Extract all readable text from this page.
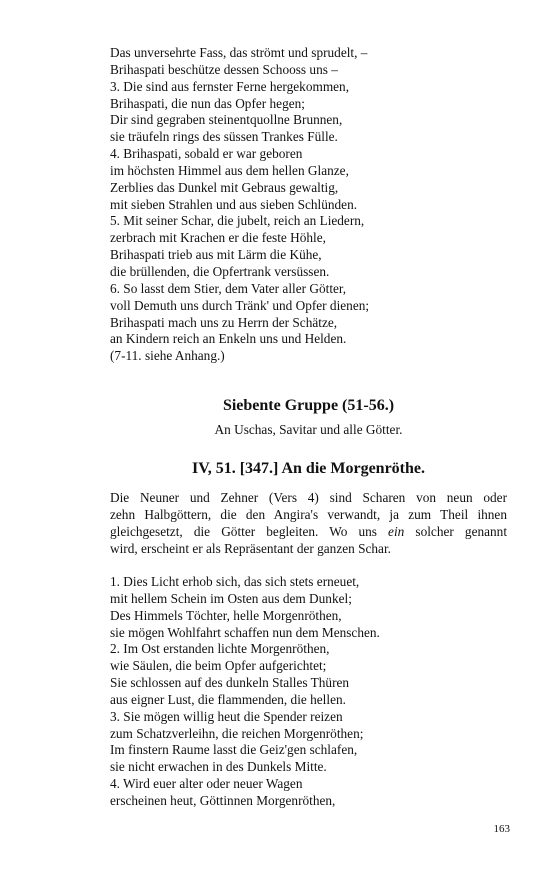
Das unversehrte Fass, das strömt und sprudelt, –
Brihaspati beschütze dessen Schooss uns –
3. Die sind aus fernster Ferne hergekommen,
Brihaspati, die nun das Opfer hegen;
Dir sind gegraben steinentquollne Brunnen,
sie träufeln rings des süssen Trankes Fülle.
4. Brihaspati, sobald er war geboren
im höchsten Himmel aus dem hellen Glanze,
Zerblies das Dunkel mit Gebraus gewaltig,
mit sieben Strahlen und aus sieben Schlünden.
5. Mit seiner Schar, die jubelt, reich an Liedern,
zerbrach mit Krachen er die feste Höhle,
Brihaspati trieb aus mit Lärm die Kühe,
die brüllenden, die Opfertrank versüssen.
6. So lasst dem Stier, dem Vater aller Götter,
voll Demuth uns durch Tränk' und Opfer dienen;
Brihaspati mach uns zu Herrn der Schätze,
an Kindern reich an Enkeln uns und Helden.
(7-11. siehe Anhang.)
Siebente Gruppe (51-56.)
An Uschas, Savitar und alle Götter.
IV, 51. [347.] An die Morgenröthe.
Die Neuner und Zehner (Vers 4) sind Scharen von neun oder
zehn Halbgöttern, die den Angira's verwandt, ja zum Theil ihnen
gleichgesetzt, die Götter begleiten. Wo uns ein solcher genannt
wird, erscheint er als Repräsentant der ganzen Schar.
1. Dies Licht erhob sich, das sich stets erneuet,
mit hellem Schein im Osten aus dem Dunkel;
Des Himmels Töchter, helle Morgenröthen,
sie mögen Wohlfahrt schaffen nun dem Menschen.
2. Im Ost erstanden lichte Morgenröthen,
wie Säulen, die beim Opfer aufgerichtet;
Sie schlossen auf des dunkeln Stalles Thüren
aus eigner Lust, die flammenden, die hellen.
3. Sie mögen willig heut die Spender reizen
zum Schatzverleihn, die reichen Morgenröthen;
Im finstern Raume lasst die Geiz'gen schlafen,
sie nicht erwachen in des Dunkels Mitte.
4. Wird euer alter oder neuer Wagen
erscheinen heut, Göttinnen Morgenröthen,
163
